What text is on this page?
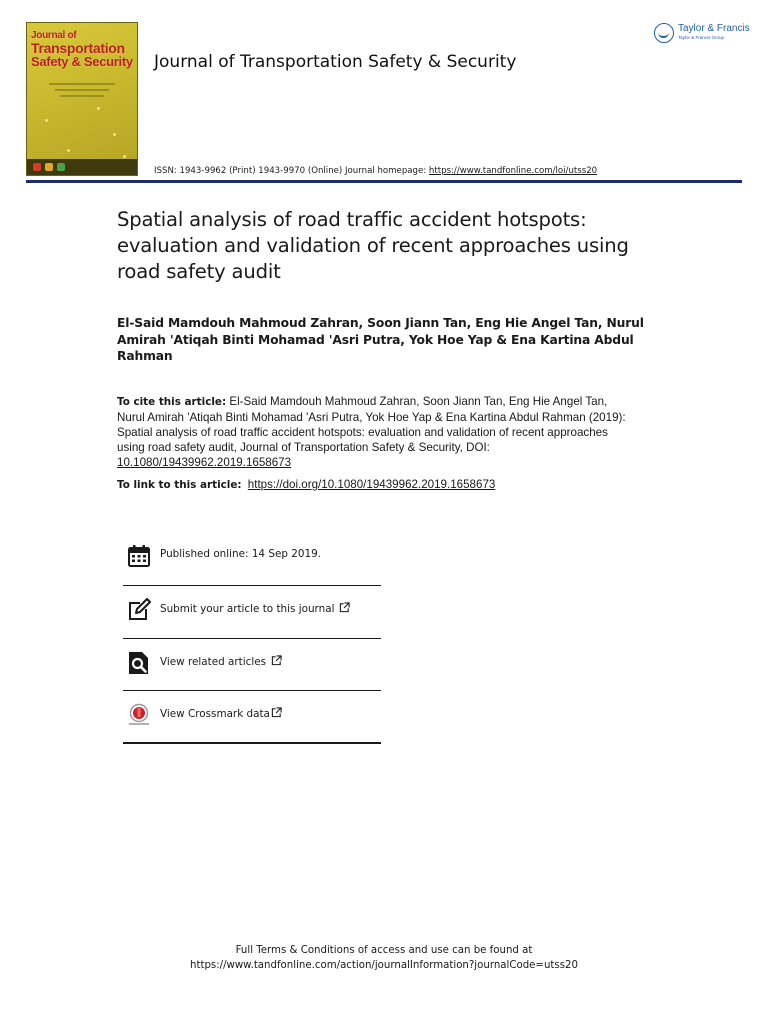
Journal of
Transportation
Safety & Security Journal of Transportation Safety & Security
Taylor & Francis
Taylor & Francis Group
ISSN: 1943-9962 (Print) 1943-9970 (Online) Journal homepage: https://www.tandfonline.com/loi/utss20
Spatial analysis of road traffic accident hotspots: evaluation and validation of recent approaches using road safety audit
El-Said Mamdouh Mahmoud Zahran, Soon Jiann Tan, Eng Hie Angel Tan, Nurul Amirah 'Atiqah Binti Mohamad 'Asri Putra, Yok Hoe Yap & Ena Kartina Abdul Rahman
To cite this article: El-Said Mamdouh Mahmoud Zahran, Soon Jiann Tan, Eng Hie Angel Tan, Nurul Amirah 'Atiqah Binti Mohamad 'Asri Putra, Yok Hoe Yap & Ena Kartina Abdul Rahman (2019): Spatial analysis of road traffic accident hotspots: evaluation and validation of recent approaches using road safety audit, Journal of Transportation Safety & Security, DOI: 10.1080/19439962.2019.1658673
To link to this article: https://doi.org/10.1080/19439962.2019.1658673
Published online: 14 Sep 2019.
Submit your article to this journal
View related articles
View Crossmark data
Full Terms & Conditions of access and use can be found at
https://www.tandfonline.com/action/journalInformation?journalCode=utss20
